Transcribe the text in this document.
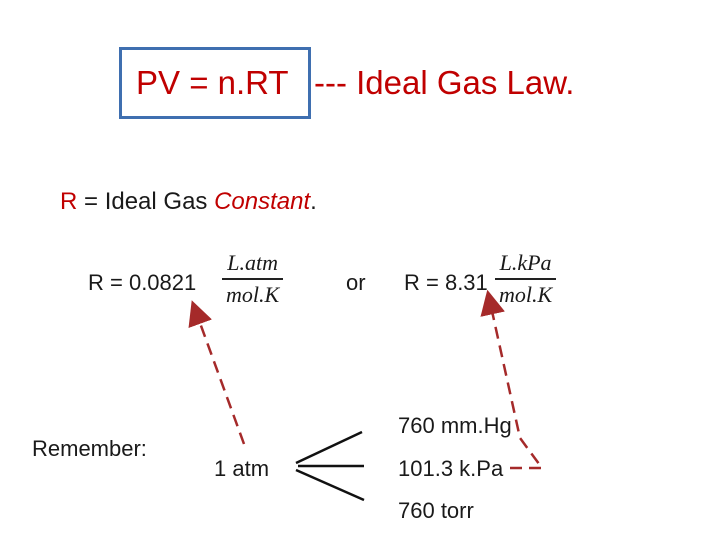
PV = n.RT --- Ideal Gas Law.
R = Ideal Gas Constant.
R = 0.0821
L.atm
mol.K	or R = 8.31
L.kPa
mol.K
Remember:
1 atm
760 mm.Hg
101.3 k.Pa
760 torr
